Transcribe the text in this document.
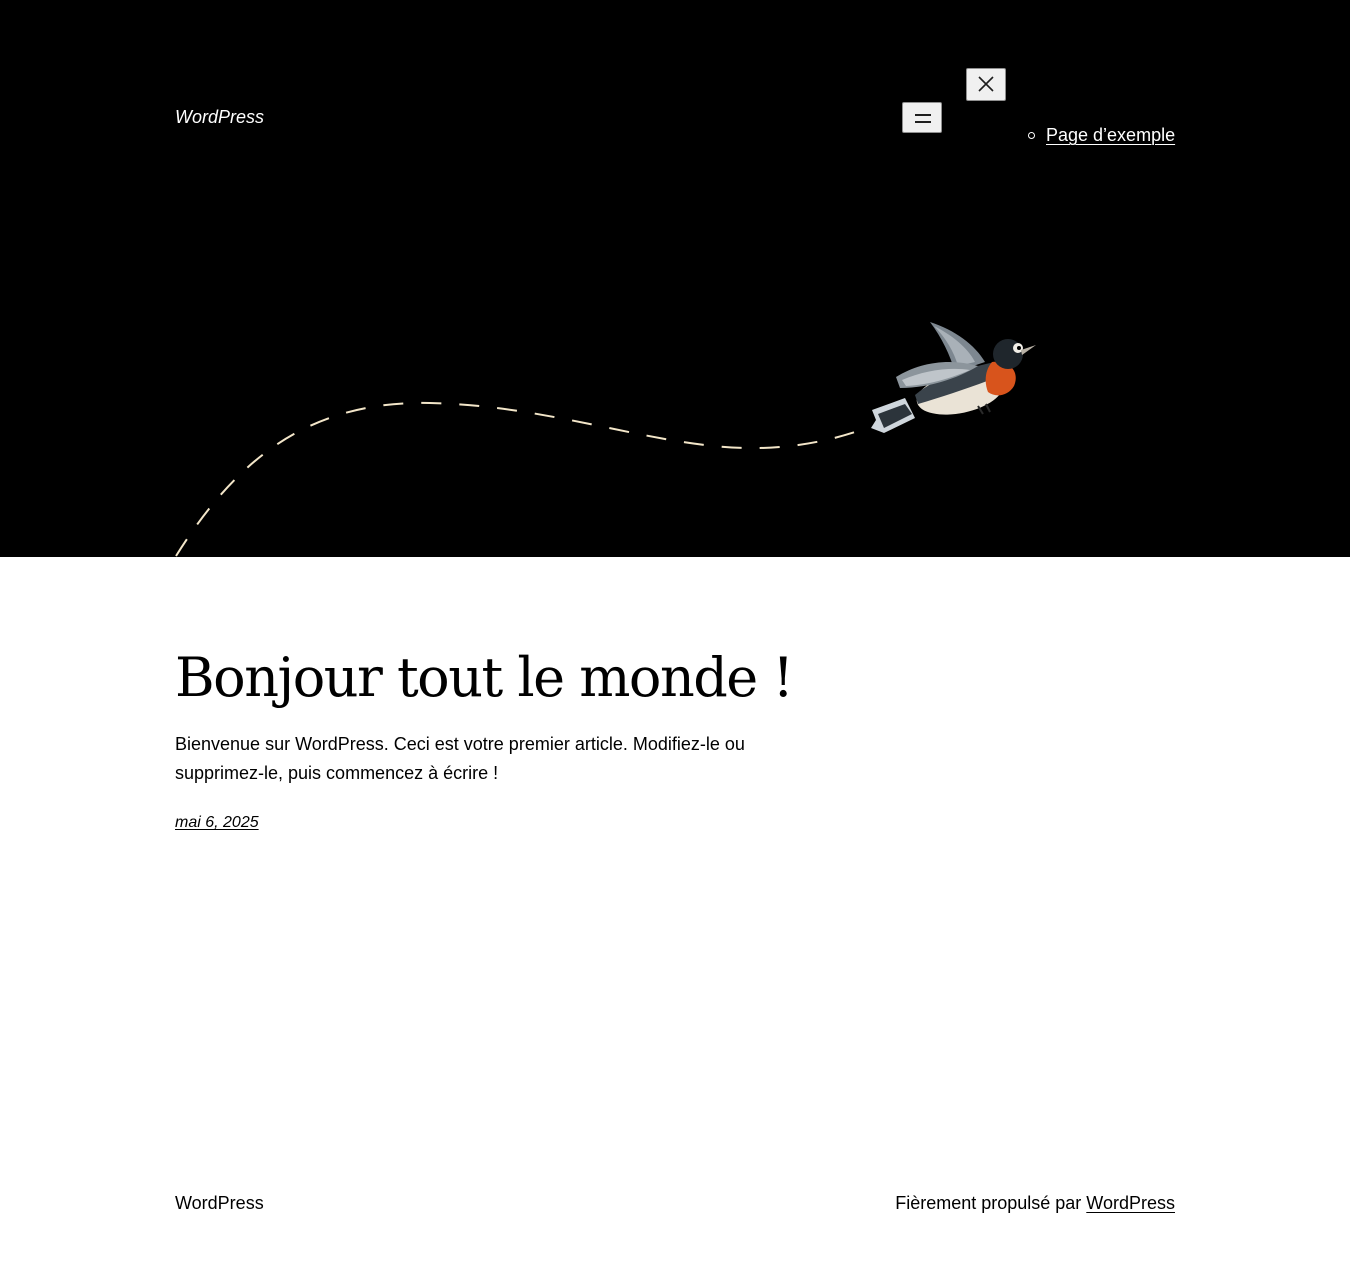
WordPress
Page d’exemple
Bonjour tout le monde !

Bienvenue sur WordPress. Ceci est votre premier article. Modifiez-le ou supprimez-le, puis commencez à écrire !

mai 6, 2025
WordPress	Fièrement propulsé par WordPress
